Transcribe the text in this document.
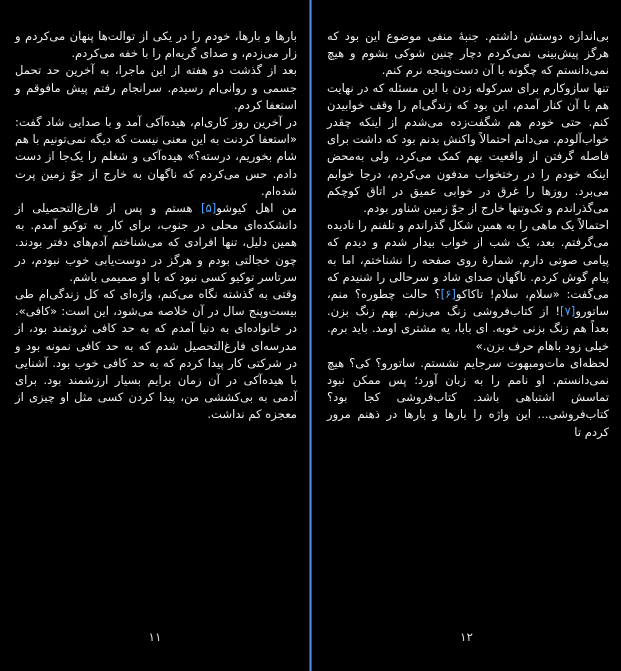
بارها و بارها، خودم را در یکی از توالت‌ها پنهان می‌کردم و زار می‌زدم، و صدای گریه‌ام را با خفه می‌کردم.

بعد از گذشت دو هفته از این ماجرا، به آخرین حد تحمل جسمی و روانی‌ام رسیدم. سرانجام رفتم پیش مافوقم و استعفا کردم.

در آخرین روز کاری‌ام، هیده‌آکی آمد و با صدایی شاد گفت: «استعفا کردنت به این معنی نیست که دیگه نمی‌تونیم با هم شام بخوریم، درسته؟» هیده‌آکی و شغلم را یک‌جا از دست دادم. حس می‌کردم که ناگهان به خارج از جوّ زمین پرت شده‌ام.

من اهل کیوشو[۵] هستم و پس از فارغ‌التحصیلی از دانشکده‌ای محلی در جنوب، برای کار به توکیو آمدم. به همین دلیل، تنها افرادی که می‌شناختم آدم‌های دفتر بودند. چون خجالتی بودم و هرگز در دوست‌یابی خوب نبودم، در سرتاسر توکیو کسی نبود که با او صمیمی باشم.

وقتی به گذشته نگاه می‌کنم، واژه‌ای که کل زندگی‌ام طی بیست‌وپنج سال در آن خلاصه می‌شود، این است: «کافی». در خانواده‌ای به دنیا آمدم که به حد کافی ثروتمند بود، از مدرسه‌ای فارغ‌التحصیل شدم که به حد کافی نمونه بود و در شرکتی کار پیدا کردم که به حد کافی خوب بود. آشنایی با هیده‌آکی در آن زمان برایم بسیار ارزشمند بود. برای آدمی به بی‌کششی من، پیدا کردن کسی مثل او چیزی از معجزه کم نداشت.

۱۱

بی‌اندازه دوستش داشتم. جنبهٔ منفی موضوع این بود که هرگز پیش‌بینی نمی‌کردم دچار چنین شوکی بشوم و هیچ نمی‌دانستم که چگونه با آن دست‌وپنجه نرم کنم.

تنها سازوکارم برای سرکوله زدن با این مسئله که در نهایت هم با آن کنار آمدم، این بود که زندگی‌ام را وقف خوابیدن کنم. حتی خودم هم شگفت‌زده می‌شدم از اینکه چقدر خواب‌آلودم. می‌دانم احتمالاً واکنش بدنم بود که داشت برای فاصله گرفتن از واقعیت بهم کمک می‌کرد، ولی به‌محض اینکه خودم را در رختخواب مدفون می‌کردم، درجا خوابم می‌برد. روزها را غرق در خوابی عمیق در اتاق کوچکم می‌گذراندم و تک‌وتنها خارج از جوّ زمین شناور بودم.

احتمالاً یک ماهی را به همین شکل گذراندم و تلفنم را نادیده می‌گرفتم. بعد، یک شب از خواب بیدار شدم و دیدم که پیامی صوتی دارم. شمارهٔ روی صفحه را نشناختم، اما به پیام گوش کردم. ناگهان صدای شاد و سرحالی را شنیدم که می‌گفت: «سلام، سلام! تاکاکو[۶]؟ حالت چطوره؟ منم، ساتورو[۷]! از کتاب‌فروشی زنگ می‌زنم. بهم زنگ بزن. بعداً هم زنگ بزنی خوبه. ای بابا، یه مشتری اومد. باید برم. خیلی زود باهام حرف بزن.»

لحظه‌ای مات‌ومبهوت سرجایم نشستم. ساتورو؟ کی؟ هیچ نمی‌دانستم. او نامم را به زبان آورد؛ پس ممکن نبود تماسش اشتباهی باشد. کتاب‌فروشی کجا بود؟ کتاب‌فروشی... این واژه را بارها و بارها در ذهنم مرور کردم تا

۱۲
